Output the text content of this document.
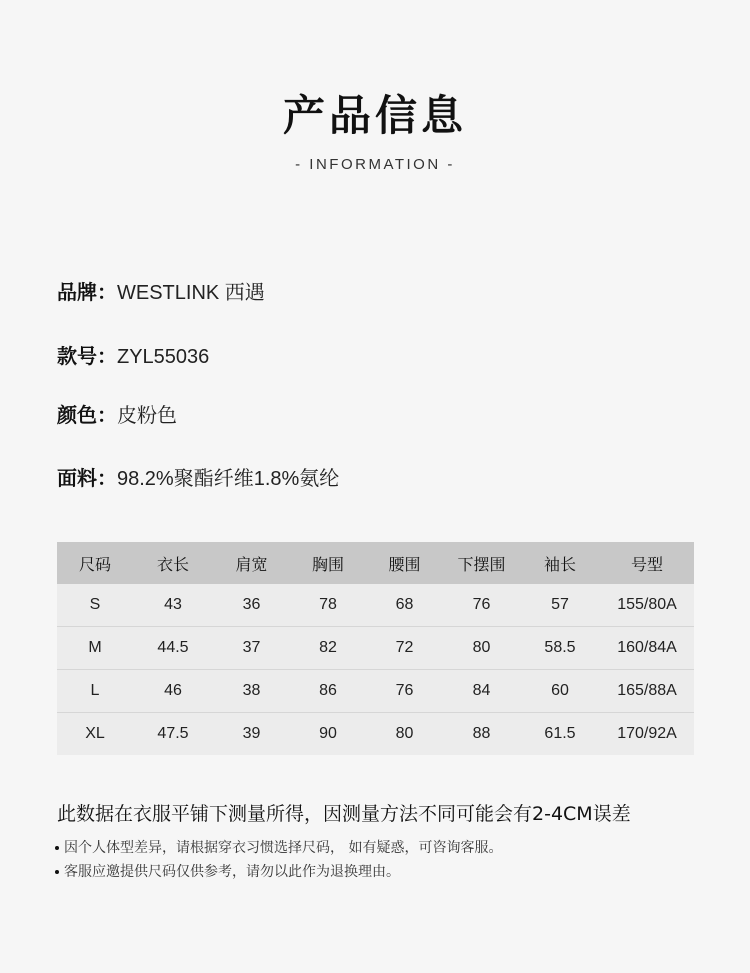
产品信息
- INFORMATION -
品牌：WESTLINK 西遇
款号：ZYL55036
颜色：皮粉色
面料：98.2%聚酯纤维1.8%氨纶
尺码	衣长	肩宽	胸围	腰围	下摆围	袖长	号型
S	43	36	78	68	76	57	155/80A
M	44.5	37	82	72	80	58.5	160/84A
L	46	38	86	76	84	60	165/88A
XL	47.5	39	90	80	88	61.5	170/92A
此数据在衣服平铺下测量所得，因测量方法不同可能会有2-4CM误差
因个人体型差异，请根据穿衣习惯选择尺码， 如有疑惑，可咨询客服。
客服应邀提供尺码仅供参考，请勿以此作为退换理由。
